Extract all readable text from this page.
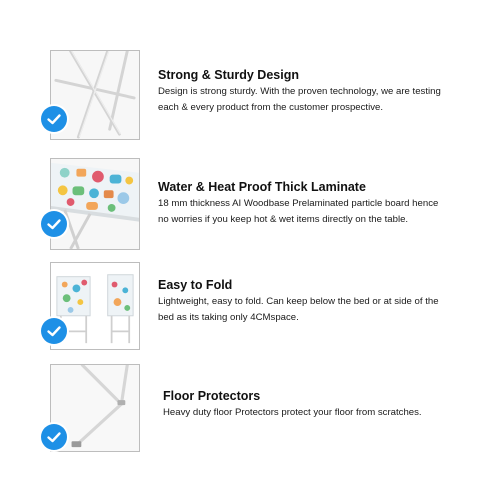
Strong & Sturdy Design

Design is strong sturdy. With the proven technology, we are testing each & every product from the customer prospective.

Water & Heat Proof Thick Laminate

18 mm thickness AI Woodbase Prelaminated particle board hence no worries if you keep hot & wet items directly on the table.

Easy to Fold

Lightweight, easy to fold. Can keep below the bed or at side of the bed as its taking only 4CMspace.

Floor Protectors

Heavy duty floor Protectors protect your floor from scratches.
